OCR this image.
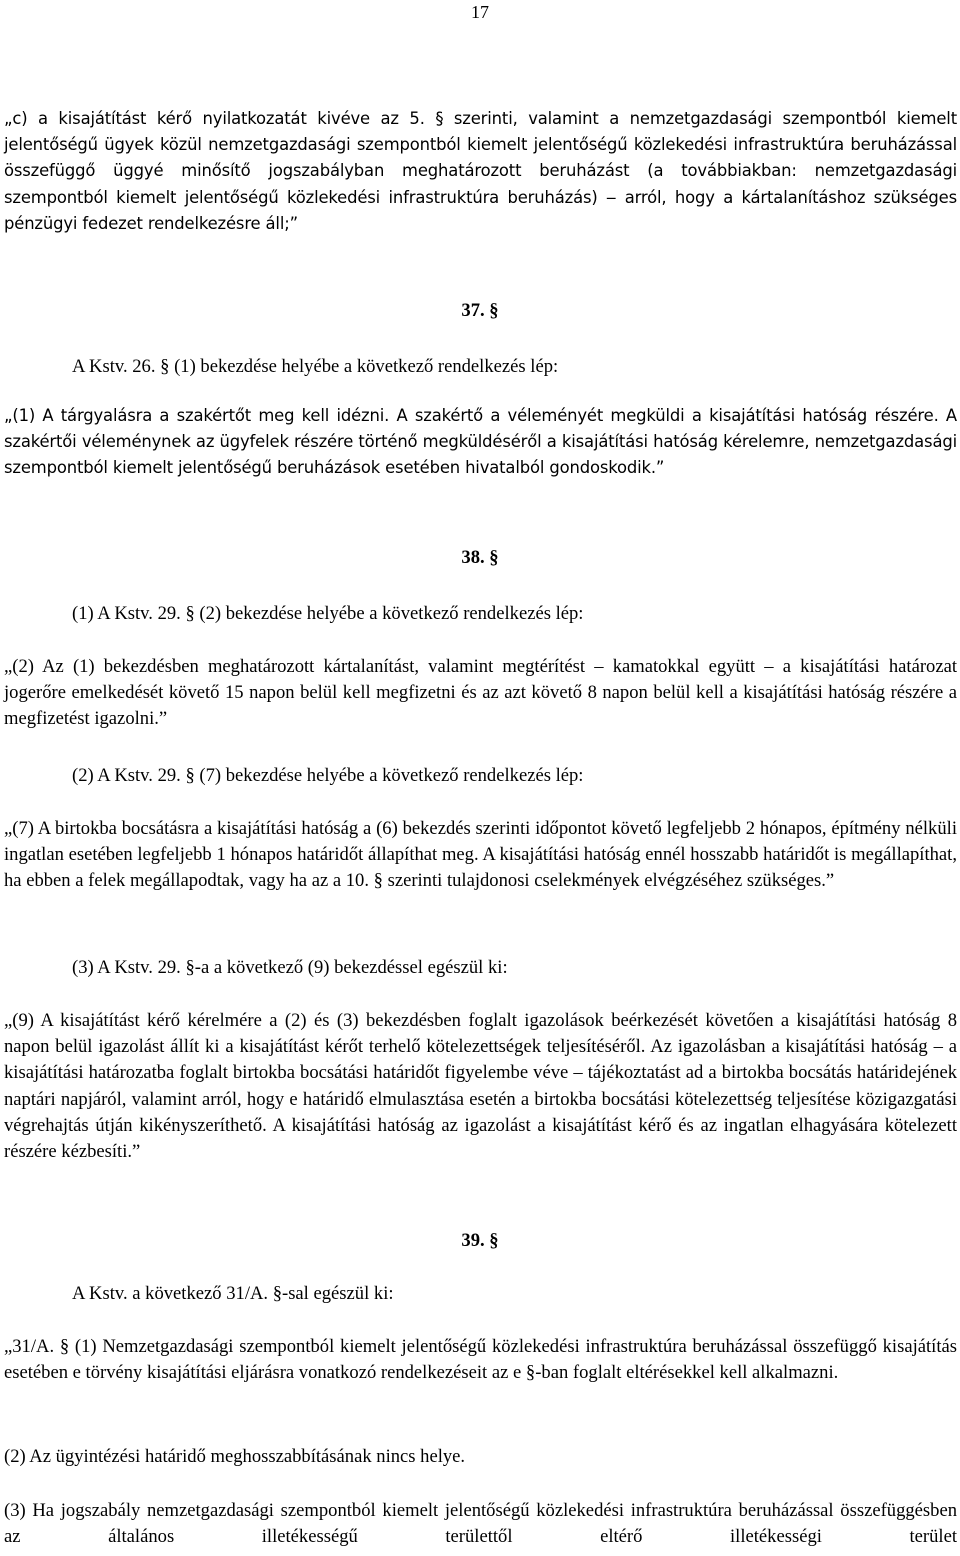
17

„c) a kisajátítást kérő nyilatkozatát kivéve az 5. § szerinti, valamint a nemzetgazdasági szempontból kiemelt jelentőségű ügyek közül nemzetgazdasági szempontból kiemelt jelentőségű közlekedési infrastruktúra beruházással összefüggő üggyé minősítő jogszabályban meghatározott beruházást (a továbbiakban: nemzetgazdasági szempontból kiemelt jelentőségű közlekedési infrastruktúra beruházás) ‒ arról, hogy a kártalanításhoz szükséges pénzügyi fedezet rendelkezésre áll;”

37. §

A Kstv. 26. § (1) bekezdése helyébe a következő rendelkezés lép:

„(1) A tárgyalásra a szakértőt meg kell idézni. A szakértő a véleményét megküldi a kisajátítási hatóság részére. A szakértői véleménynek az ügyfelek részére történő megküldéséről a kisajátítási hatóság kérelemre, nemzetgazdasági szempontból kiemelt jelentőségű beruházások esetében hivatalból gondoskodik.”

38. §

(1) A Kstv. 29. § (2) bekezdése helyébe a következő rendelkezés lép:

„(2) Az (1) bekezdésben meghatározott kártalanítást, valamint megtérítést ‒ kamatokkal együtt ‒ a kisajátítási határozat jogerőre emelkedését követő 15 napon belül kell megfizetni és az azt követő 8 napon belül kell a kisajátítási hatóság részére a megfizetést igazolni.”

(2) A Kstv. 29. § (7) bekezdése helyébe a következő rendelkezés lép:

„(7) A birtokba bocsátásra a kisajátítási hatóság a (6) bekezdés szerinti időpontot követő legfeljebb 2 hónapos, építmény nélküli ingatlan esetében legfeljebb 1 hónapos határidőt állapíthat meg. A kisajátítási hatóság ennél hosszabb határidőt is megállapíthat, ha ebben a felek megállapodtak, vagy ha az a 10. § szerinti tulajdonosi cselekmények elvégzéséhez szükséges.”

(3) A Kstv. 29. §-a a következő (9) bekezdéssel egészül ki:

„(9) A kisajátítást kérő kérelmére a (2) és (3) bekezdésben foglalt igazolások beérkezését követően a kisajátítási hatóság 8 napon belül igazolást állít ki a kisajátítást kérőt terhelő kötelezettségek teljesítéséről. Az igazolásban a kisajátítási hatóság ‒ a kisajátítási határozatba foglalt birtokba bocsátási határidőt figyelembe véve ‒ tájékoztatást ad a birtokba bocsátás határidejének naptári napjáról, valamint arról, hogy e határidő elmulasztása esetén a birtokba bocsátási kötelezettség teljesítése közigazgatási végrehajtás útján kikényszeríthető. A kisajátítási hatóság az igazolást a kisajátítást kérő és az ingatlan elhagyására kötelezett részére kézbesíti.”

39. §

A Kstv. a következő 31/A. §-sal egészül ki:

„31/A. § (1) Nemzetgazdasági szempontból kiemelt jelentőségű közlekedési infrastruktúra beruházással összefüggő kisajátítás esetében e törvény kisajátítási eljárásra vonatkozó rendelkezéseit az e §-ban foglalt eltérésekkel kell alkalmazni.

(2) Az ügyintézési határidő meghosszabbításának nincs helye.

(3) Ha jogszabály nemzetgazdasági szempontból kiemelt jelentőségű közlekedési infrastruktúra beruházással összefüggésben az általános illetékességű területtől eltérő illetékességi terület
